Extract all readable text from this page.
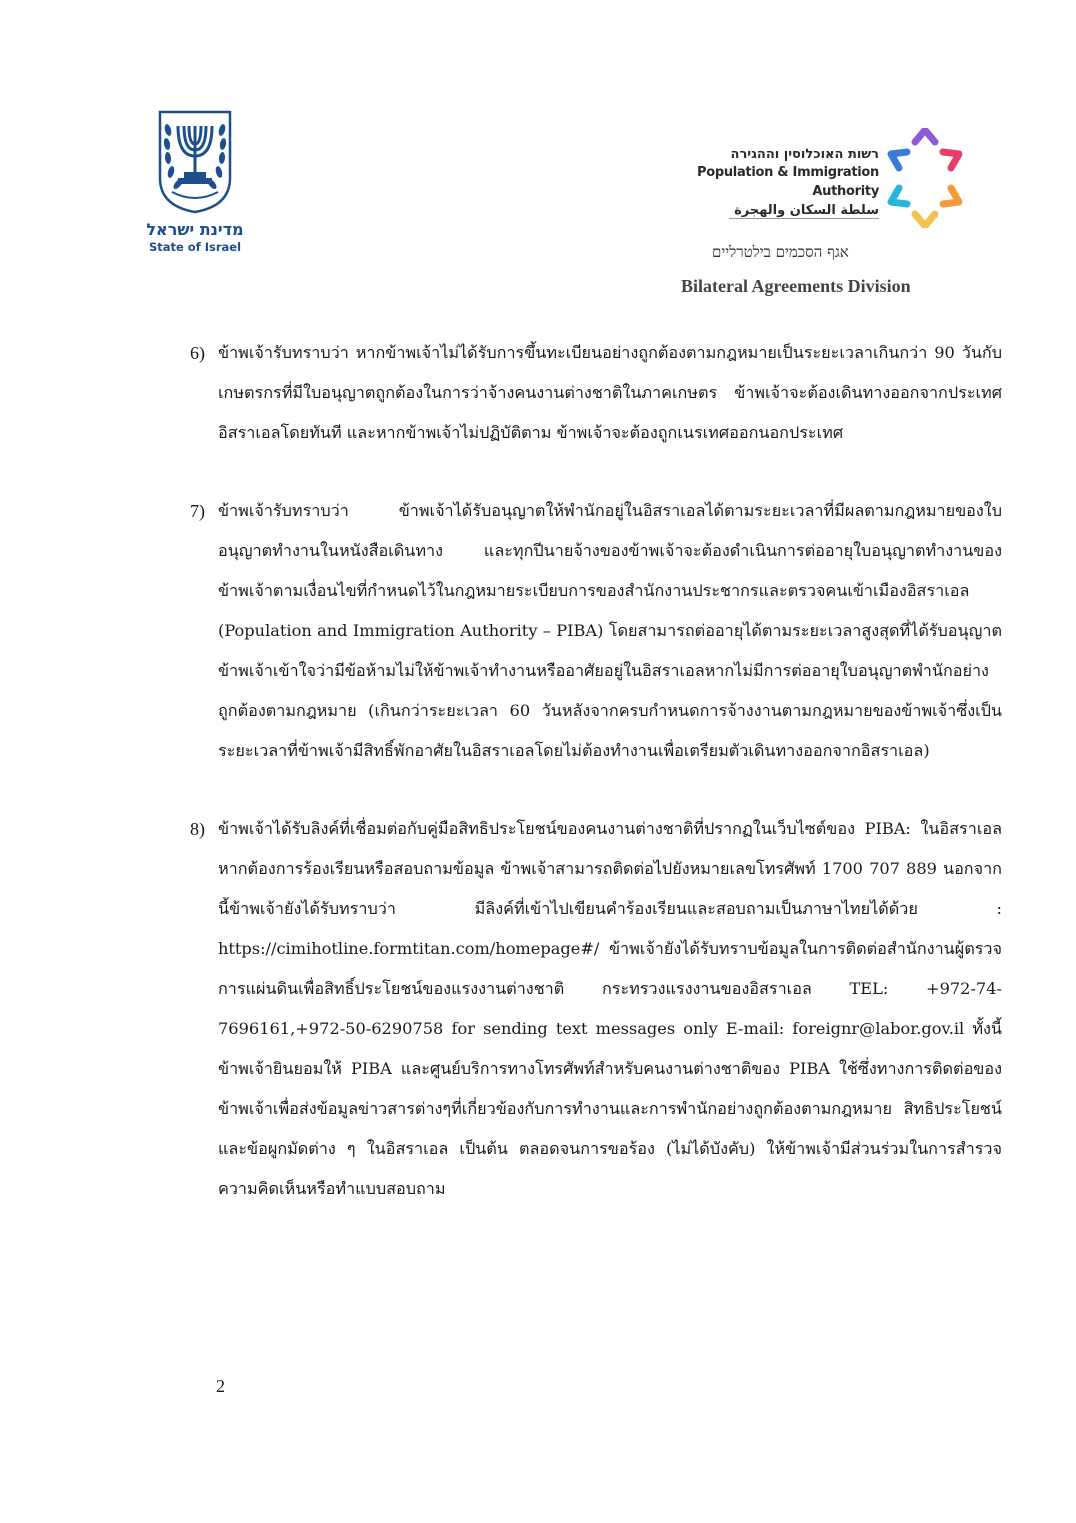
מדינת ישראל
State of Israel
רשות האוכלוסין וההגירה
Population & Immigration Authority
سلطة السكان والهجرة
אגף הסכמים בילטרליים
Bilateral Agreements Division
6) ข้าพเจ้ารับทราบว่า หากข้าพเจ้าไม่ได้รับการขึ้นทะเบียนอย่างถูกต้องตามกฎหมายเป็นระยะเวลาเกินกว่า 90 วันกับเกษตรกรที่มีใบอนุญาตถูกต้องในการว่าจ้างคนงานต่างชาติในภาคเกษตร ข้าพเจ้าจะต้องเดินทางออกจากประเทศอิสราเอลโดยทันที และหากข้าพเจ้าไม่ปฏิบัติตาม ข้าพเจ้าจะต้องถูกเนรเทศออกนอกประเทศ
7) ข้าพเจ้ารับทราบว่า ข้าพเจ้าได้รับอนุญาตให้พำนักอยู่ในอิสราเอลได้ตามระยะเวลาที่มีผลตามกฎหมายของใบอนุญาตทำงานในหนังสือเดินทาง และทุกปีนายจ้างของข้าพเจ้าจะต้องดำเนินการต่ออายุใบอนุญาตทำงานของข้าพเจ้าตามเงื่อนไขที่กำหนดไว้ในกฎหมายระเบียบการของสำนักงานประชากรและตรวจคนเข้าเมืองอิสราเอล (Population and Immigration Authority – PIBA) โดยสามารถต่ออายุได้ตามระยะเวลาสูงสุดที่ได้รับอนุญาต ข้าพเจ้าเข้าใจว่ามีข้อห้ามไม่ให้ข้าพเจ้าทำงานหรืออาศัยอยู่ในอิสราเอลหากไม่มีการต่ออายุใบอนุญาตพำนักอย่างถูกต้องตามกฎหมาย (เกินกว่าระยะเวลา 60 วันหลังจากครบกำหนดการจ้างงานตามกฎหมายของข้าพเจ้าซึ่งเป็นระยะเวลาที่ข้าพเจ้ามีสิทธิ์พักอาศัยในอิสราเอลโดยไม่ต้องทำงานเพื่อเตรียมตัวเดินทางออกจากอิสราเอล)
8) ข้าพเจ้าได้รับลิงค์ที่เชื่อมต่อกับคู่มือสิทธิประโยชน์ของคนงานต่างชาติที่ปรากฏในเว็บไซต์ของ PIBA: ในอิสราเอล หากต้องการร้องเรียนหรือสอบถามข้อมูล ข้าพเจ้าสามารถติดต่อไปยังหมายเลขโทรศัพท์ 1700 707 889 นอกจากนี้ข้าพเจ้ายังได้รับทราบว่า มีลิงค์ที่เข้าไปเขียนคำร้องเรียนและสอบถามเป็นภาษาไทยได้ด้วย : https://cimihotline.formtitan.com/homepage#/ ข้าพเจ้ายังได้รับทราบข้อมูลในการติดต่อสำนักงานผู้ตรวจการแผ่นดินเพื่อสิทธิ์ประโยชน์ของแรงงานต่างชาติ กระทรวงแรงงานของอิสราเอล TEL: +972-74-7696161,+972-50-6290758 for sending text messages only E-mail: foreignr@labor.gov.il ทั้งนี้ ข้าพเจ้ายินยอมให้ PIBA และศูนย์บริการทางโทรศัพท์สำหรับคนงานต่างชาติของ PIBA ใช้ซึ่งทางการติดต่อของข้าพเจ้าเพื่อส่งข้อมูลข่าวสารต่างๆที่เกี่ยวข้องกับการทำงานและการพำนักอย่างถูกต้องตามกฎหมาย สิทธิประโยชน์และข้อผูกมัดต่าง ๆ ในอิสราเอล เป็นต้น ตลอดจนการขอร้อง (ไม่ได้บังคับ) ให้ข้าพเจ้ามีส่วนร่วมในการสำรวจความคิดเห็นหรือทำแบบสอบถาม
2
